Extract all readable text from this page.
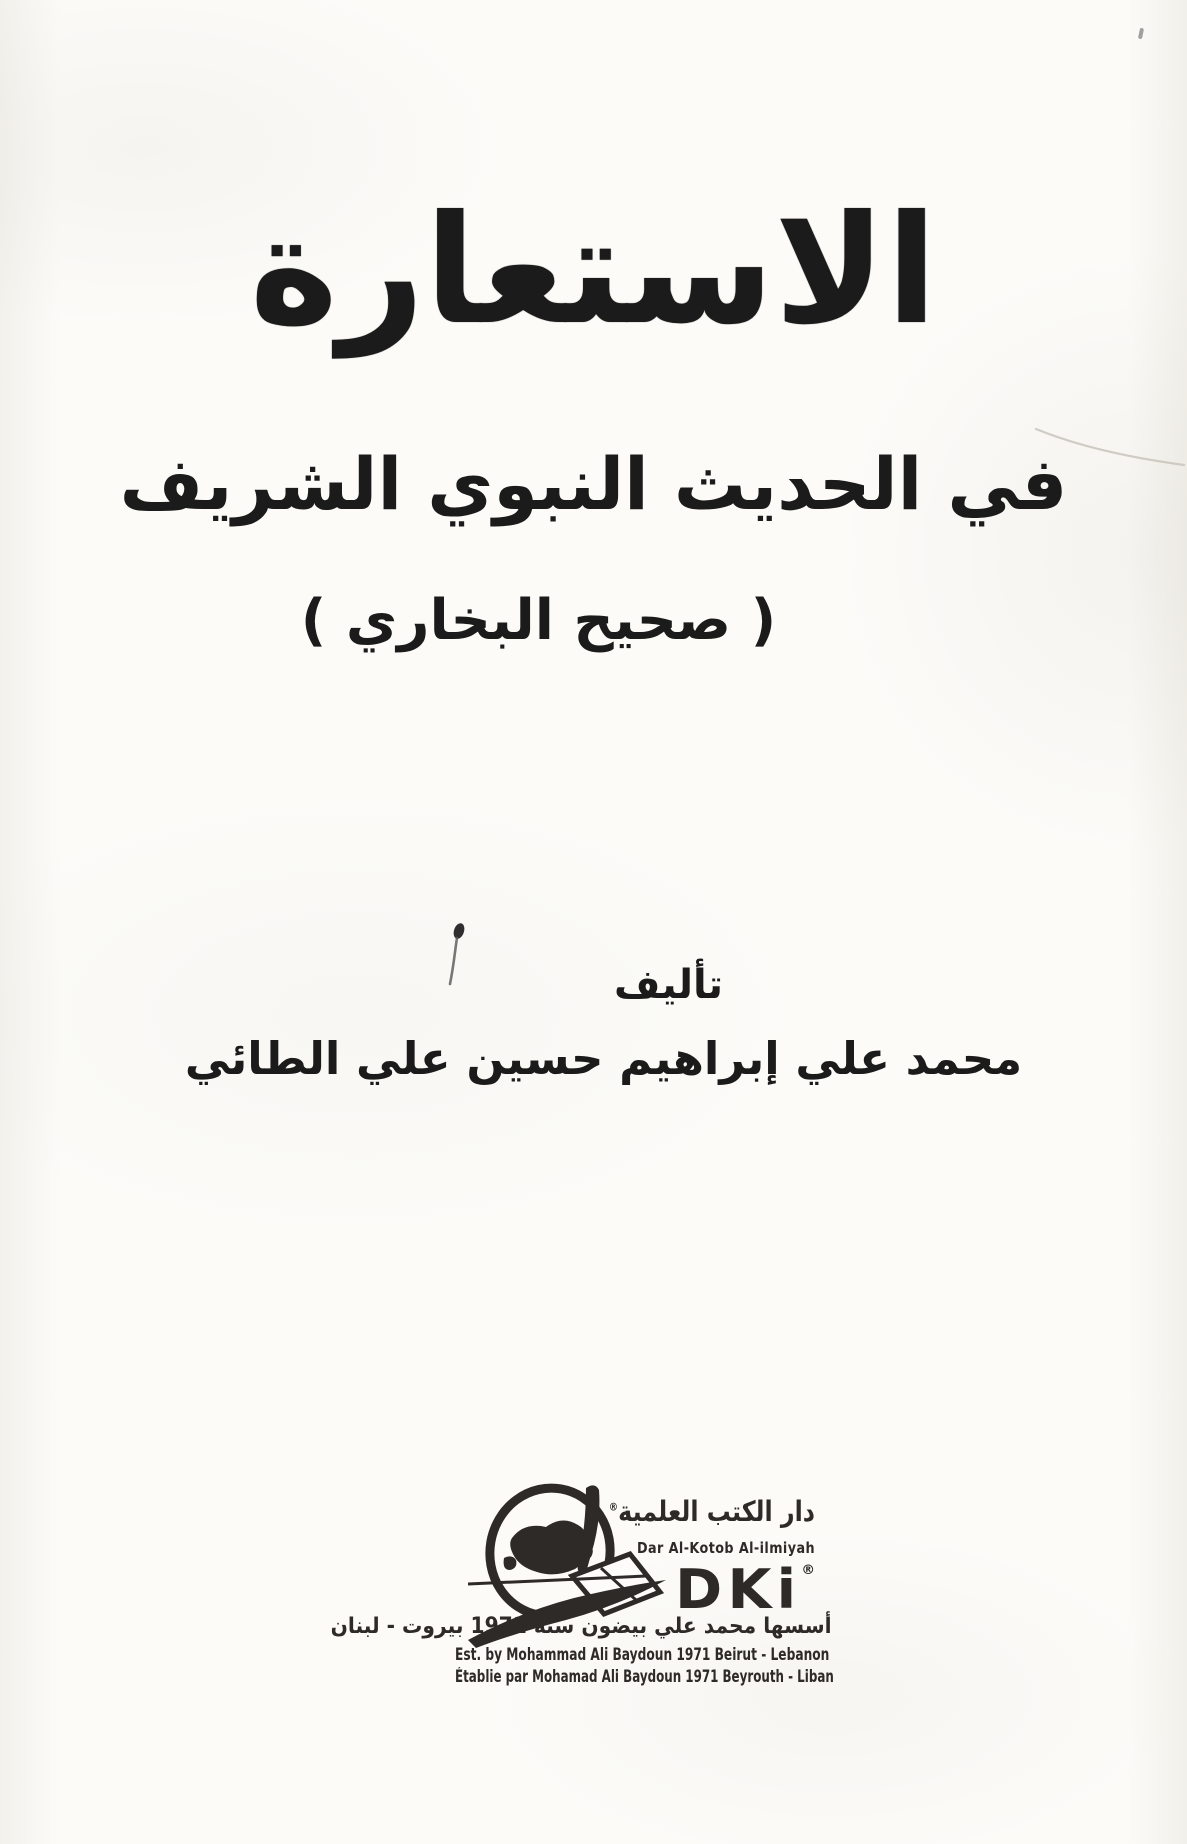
الاستعارة
في الحديث النبوي الشريف
( صحيح البخاري )
تأليف
محمد علي إبراهيم حسين علي الطائي
دار الكتب العلمية®
Dar Al-Kotob Al-ilmiyah
DKi®
أسسها محمد علي بيضون سنة 1971 بيروت - لبنان
Est. by Mohammad Ali Baydoun 1971 Beirut - Lebanon
Établie par Mohamad Ali Baydoun 1971 Beyrouth - Liban
